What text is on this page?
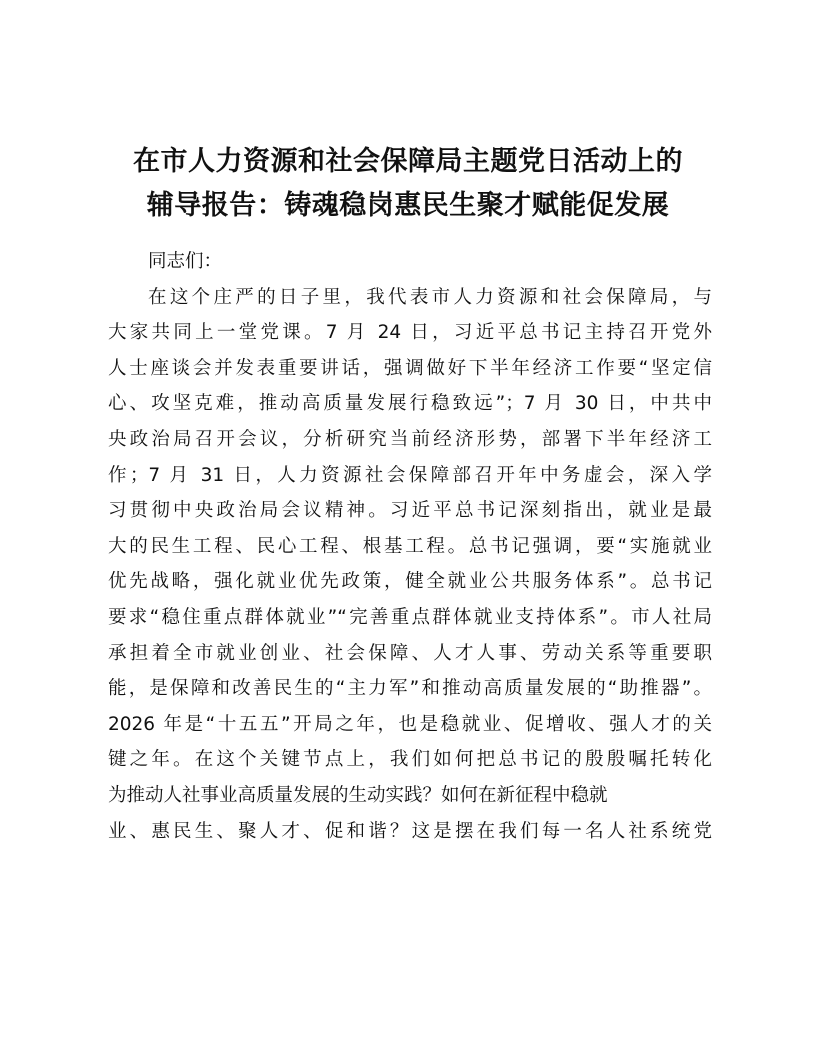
在市人力资源和社会保障局主题党日活动上的
辅导报告：铸魂稳岗惠民生聚才赋能促发展
同志们：
在这个庄严的日子里，我代表市人力资源和社会保障局，与
大家共同上一堂党课。7 月 24 日，习近平总书记主持召开党外
人士座谈会并发表重要讲话，强调做好下半年经济工作要“坚定信
心、攻坚克难，推动高质量发展行稳致远”；7 月 30 日，中共中
央政治局召开会议，分析研究当前经济形势，部署下半年经济工
作；7 月 31 日，人力资源社会保障部召开年中务虚会，深入学
习贯彻中央政治局会议精神。习近平总书记深刻指出，就业是最
大的民生工程、民心工程、根基工程。总书记强调，要“实施就业
优先战略，强化就业优先政策，健全就业公共服务体系”。总书记
要求“稳住重点群体就业”“完善重点群体就业支持体系”。市人社局
承担着全市就业创业、社会保障、人才人事、劳动关系等重要职
能，是保障和改善民生的“主力军”和推动高质量发展的“助推器”。
2026 年是“十五五”开局之年，也是稳就业、促增收、强人才的关
键之年。在这个关键节点上，我们如何把总书记的殷殷嘱托转化
为推动人社事业高质量发展的生动实践？如何在新征程中稳就
业、惠民生、聚人才、促和谐？这是摆在我们每一名人社系统党
